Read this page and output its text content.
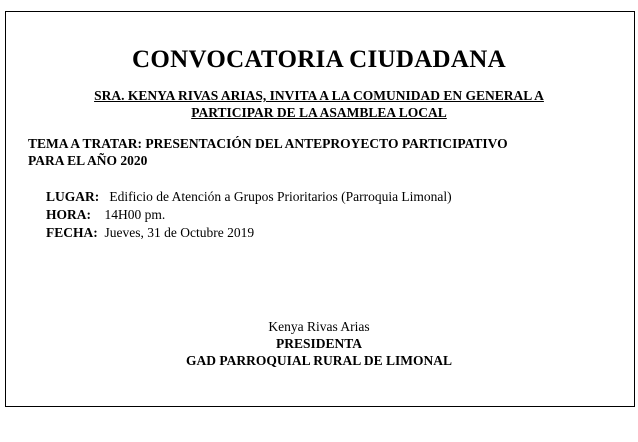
CONVOCATORIA CIUDADANA
SRA. KENYA RIVAS ARIAS, INVITA A LA COMUNIDAD EN GENERAL A
PARTICIPAR DE LA ASAMBLEA LOCAL
TEMA A TRATAR: PRESENTACIÓN DEL ANTEPROYECTO PARTICIPATIVO
PARA EL AÑO 2020
LUGAR: Edificio de Atención a Grupos Prioritarios (Parroquia Limonal)
HORA: 14H00 pm.
FECHA: Jueves, 31 de Octubre 2019
Kenya Rivas Arias
PRESIDENTA
GAD PARROQUIAL RURAL DE LIMONAL
